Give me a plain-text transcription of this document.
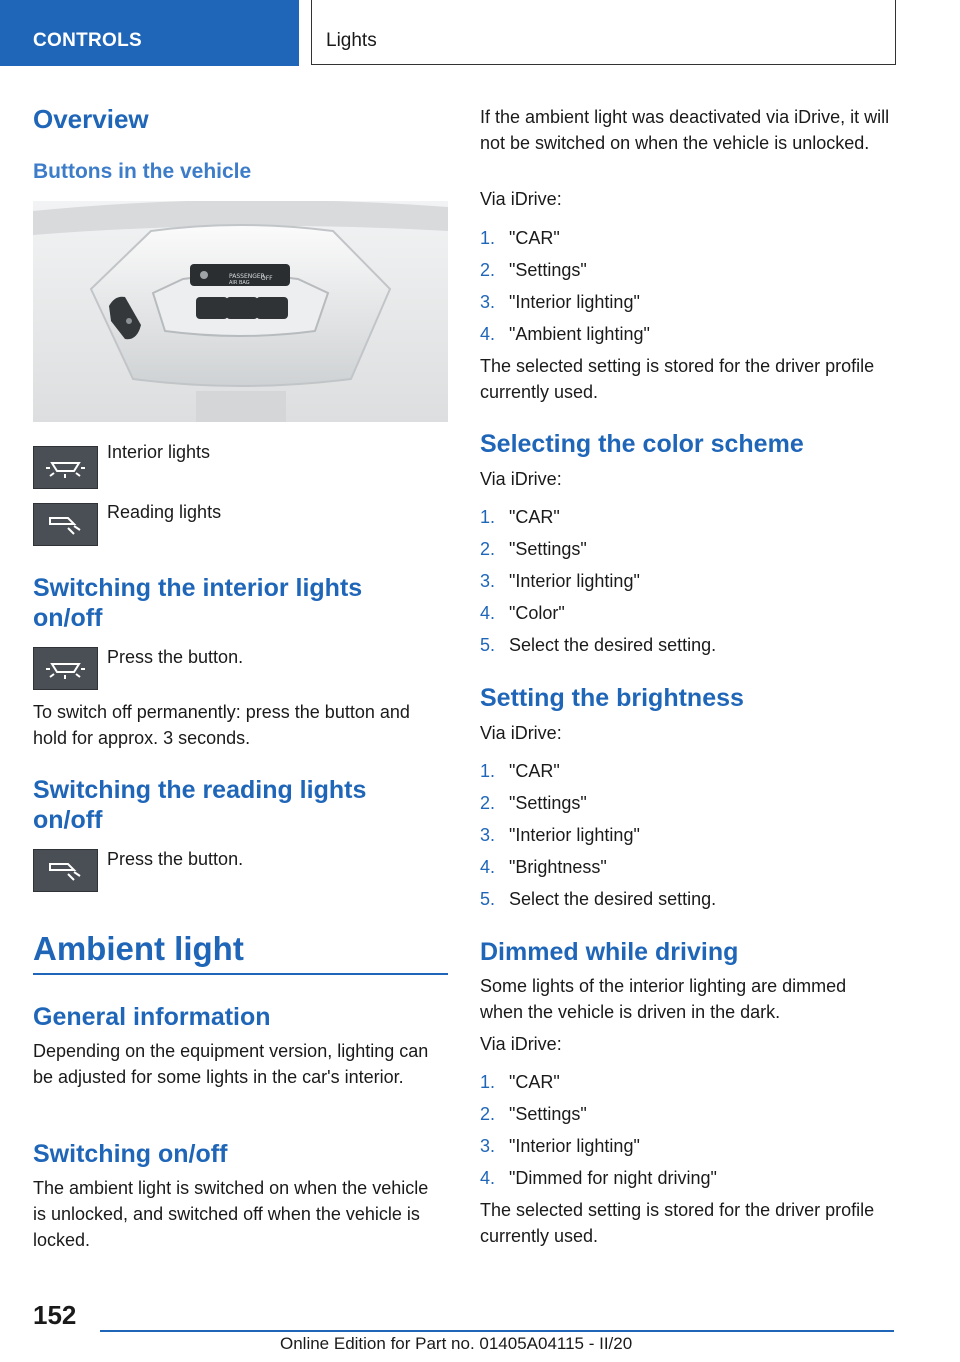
CONTROLS	Lights
Overview
Buttons in the vehicle
PASSENGER
AIR BAG
OFF

Interior lights

Reading lights

Switching the interior lights on/off

Press the button.

To switch off permanently: press the button and hold for approx. 3 seconds.

Switching the reading lights on/off

Press the button.

Ambient light
General information

Depending on the equipment version, lighting can be adjusted for some lights in the car's interior.

Switching on/off

The ambient light is switched on when the vehicle is unlocked, and switched off when the vehicle is locked.

If the ambient light was deactivated via iDrive, it will not be switched on when the vehicle is unlocked.

Via iDrive:

1. "CAR"
2. "Settings"
3. "Interior lighting"
4. "Ambient lighting"

The selected setting is stored for the driver profile currently used.

Selecting the color scheme

Via iDrive:

1. "CAR"
2. "Settings"
3. "Interior lighting"
4. "Color"
5. Select the desired setting.
Setting the brightness

Via iDrive:

1. "CAR"
2. "Settings"
3. "Interior lighting"
4. "Brightness"
5. Select the desired setting.
Dimmed while driving

Some lights of the interior lighting are dimmed when the vehicle is driven in the dark.

Via iDrive:

1. "CAR"
2. "Settings"
3. "Interior lighting"
4. "Dimmed for night driving"

The selected setting is stored for the driver profile currently used.

152
Online Edition for Part no. 01405A04115 - II/20
